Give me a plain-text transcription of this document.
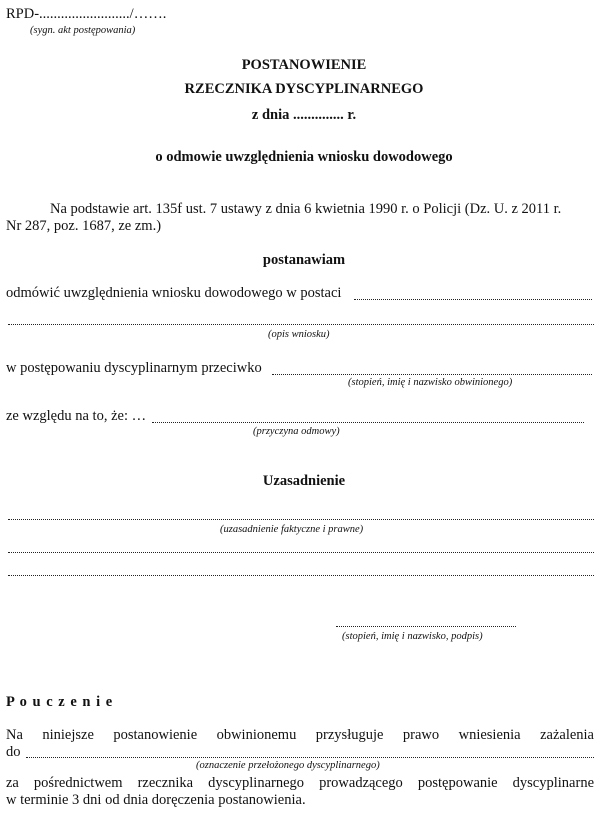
RPD-........................./…….
(sygn. akt postępowania)
POSTANOWIENIE
RZECZNIKA DYSCYPLINARNEGO
z dnia .............. r.
o odmowie uwzględnienia wniosku dowodowego
Na podstawie art. 135f ust. 7 ustawy z dnia 6 kwietnia 1990 r. o Policji (Dz. U. z 2011 r.
Nr 287, poz. 1687, ze zm.)
postanawiam
odmówić uwzględnienia wniosku dowodowego w postaci
(opis wniosku)
w postępowaniu dyscyplinarnym przeciwko
(stopień, imię i nazwisko obwinionego)
ze względu na to, że: …
(przyczyna odmowy)
Uzasadnienie
(uzasadnienie faktyczne i prawne)
(stopień, imię i nazwisko, podpis)
P o u c z e n i e
Na niniejsze postanowienie obwinionemu przysługuje prawo wniesienia zażalenia
do
(oznaczenie przełożonego dyscyplinarnego)
za pośrednictwem rzecznika dyscyplinarnego prowadzącego postępowanie dyscyplinarne
w terminie 3 dni od dnia doręczenia postanowienia.
